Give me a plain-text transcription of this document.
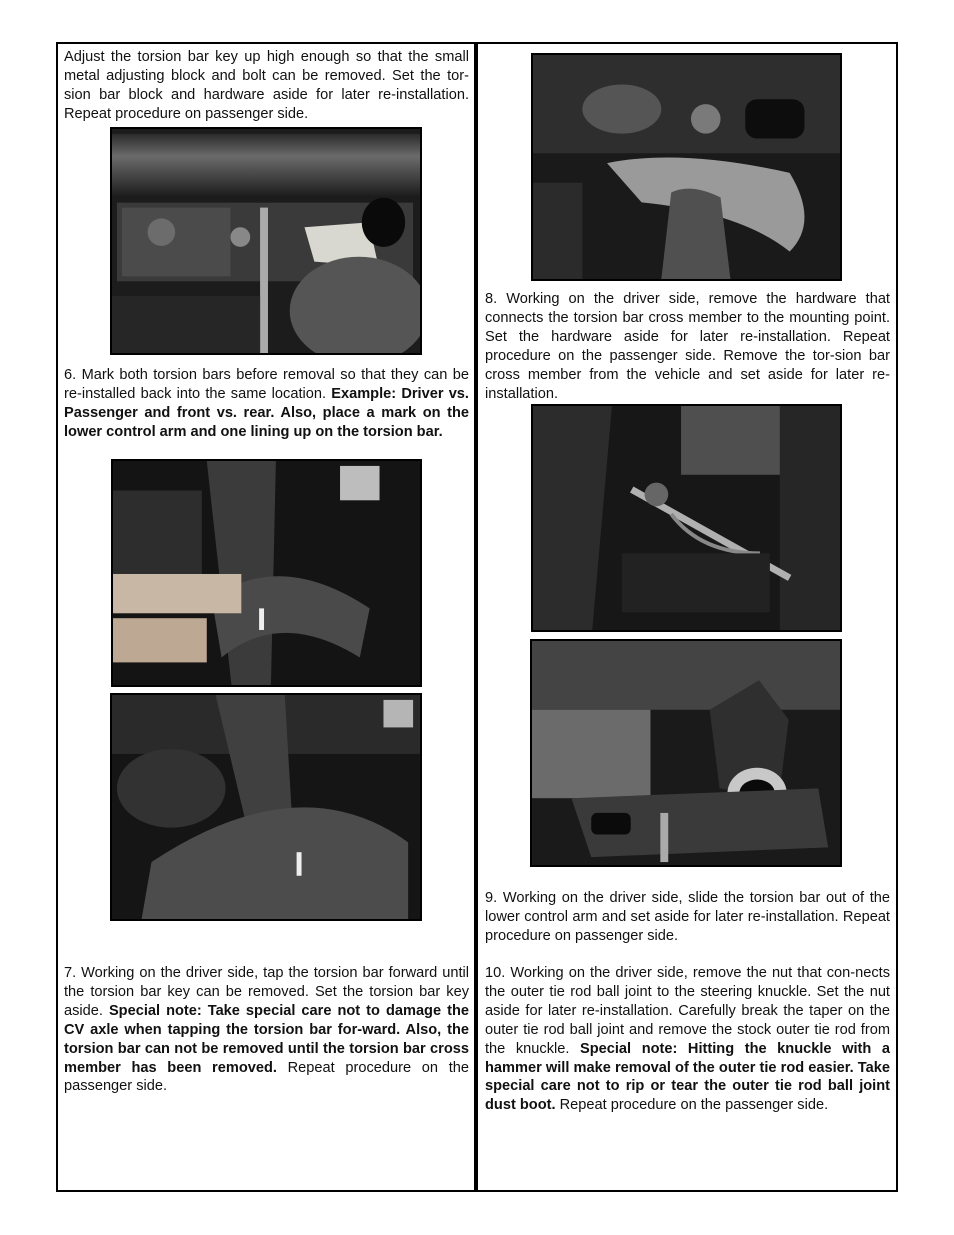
Adjust the torsion bar key up high enough so that the small metal adjusting block and bolt can be removed. Set the tor-sion bar block and hardware aside for later re-installation. Repeat procedure on passenger side.

6. Mark both torsion bars before removal so that they can be re-installed back into the same location. Example: Driver vs. Passenger and front vs. rear. Also, place a mark on the lower control arm and one lining up on the torsion bar.

7. Working on the driver side, tap the torsion bar forward until the torsion bar key can be removed. Set the torsion bar key aside. Special note: Take special care not to damage the CV axle when tapping the torsion bar for-ward. Also, the torsion bar can not be removed until the torsion bar cross member has been removed. Repeat procedure on the passenger side.

8. Working on the driver side, remove the hardware that connects the torsion bar cross member to the mounting point. Set the hardware aside for later re-installation. Repeat procedure on the passenger side. Remove the tor-sion bar cross member from the vehicle and set aside for later re-installation.

9. Working on the driver side, slide the torsion bar out of the lower control arm and set aside for later re-installation. Repeat procedure on passenger side.

10. Working on the driver side, remove the nut that con-nects the outer tie rod ball joint to the steering knuckle. Set the nut aside for later re-installation. Carefully break the taper on the outer tie rod ball joint and remove the stock outer tie rod from the knuckle. Special note: Hitting the knuckle with a hammer will make removal of the outer tie rod easier. Take special care not to rip or tear the outer tie rod ball joint dust boot. Repeat procedure on the passenger side.
